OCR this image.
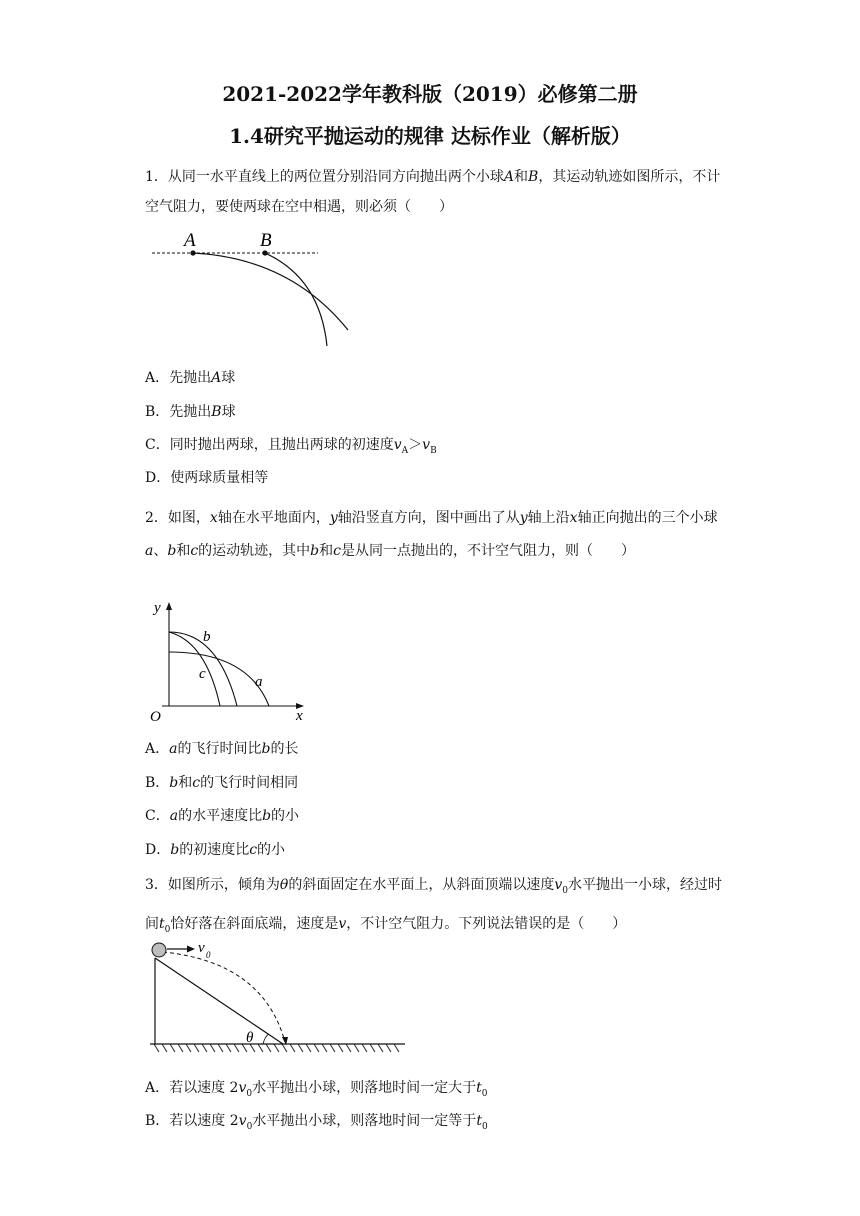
2021-2022学年教科版（2019）必修第二册
1.4研究平抛运动的规律 达标作业（解析版）
1．从同一水平直线上的两位置分别沿同方向抛出两个小球A和B，其运动轨迹如图所示，不计空气阻力，要使两球在空中相遇，则必须（　　）
A	B
A．先抛出A球
B．先抛出B球
C．同时抛出两球，且抛出两球的初速度$v_A>v_B$
D．使两球质量相等
2．如图，x轴在水平地面内，y轴沿竖直方向，图中画出了从y轴上沿x轴正向抛出的三个小球a、b和c的运动轨迹，其中b和c是从同一点抛出的，不计空气阻力，则（　　）
y
x
O
a
b
c
A．a的飞行时间比b的长
B．b和c的飞行时间相同
C．a的水平速度比b的小
D．b的初速度比c的小
3．如图所示，倾角为θ的斜面固定在水平面上，从斜面顶端以速度$v_0$水平抛出一小球，经过时间$t_0$恰好落在斜面底端，速度是v，不计空气阻力。下列说法错误的是（　　）
v 0
θ
A．若以速度 $2v_0$水平抛出小球，则落地时间一定大于$t_0$
B．若以速度 $2v_0$水平抛出小球，则落地时间一定等于$t_0$
